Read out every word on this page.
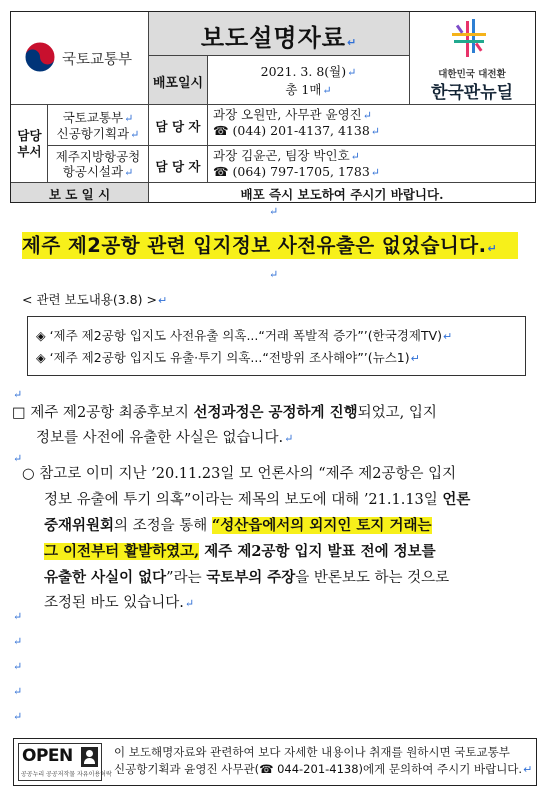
보도설명자료↵
국토교통부
배포일시
2021. 3. 8(월)↵
총 1매↵
대한민국 대전환
한국판뉴딜
담당
부서
국토교통부↵
신공항기획과↵
담 당 자
과장 오원만, 사무관 윤영진↵
☎ (044) 201-4137, 4138↵
제주지방항공청
항공시설과↵	담 당 자
과장 김윤곤, 팀장 박인호↵
☎ (064) 797-1705, 1783↵
보 도 일 시	배포 즉시 보도하여 주시기 바랍니다.
↵
제주 제2공항 관련 입지정보 사전유출은 없었습니다.↵
↵
< 관련 보도내용(3.8) >↵
◈ ‘제주 제2공항 입지도 사전유출 의혹...“거래 폭발적 증가”’(한국경제TV)↵
◈ ‘제주 제2공항 입지도 유출·투기 의혹...“전방위 조사해야”’(뉴스1)↵
↵
□ 제주 제2공항 최종후보지 선정과정은 공정하게 진행되었고, 입지
정보를 사전에 유출한 사실은 없습니다.↵
↵
○ 참고로 이미 지난 ’20.11.23일 모 언론사의 “제주 제2공항은 입지
정보 유출에 투기 의혹”이라는 제목의 보도에 대해 ’21.1.13일 언론
중재위원회의 조정을 통해 “성산읍에서의 외지인 토지 거래는
그 이전부터 활발하였고, 제주 제2공항 입지 발표 전에 정보를
유출한 사실이 없다”라는 국토부의 주장을 반론보도 하는 것으로
조정된 바도 있습니다.↵
↵
↵
↵
↵
↵
OPEN
공공누리 공공저작물 자유이용허락
이 보도해명자료와 관련하여 보다 자세한 내용이나 취재를 원하시면 국토교통부
신공항기획과 윤영진 사무관(☎ 044-201-4138)에게 문의하여 주시기 바랍니다.↵
